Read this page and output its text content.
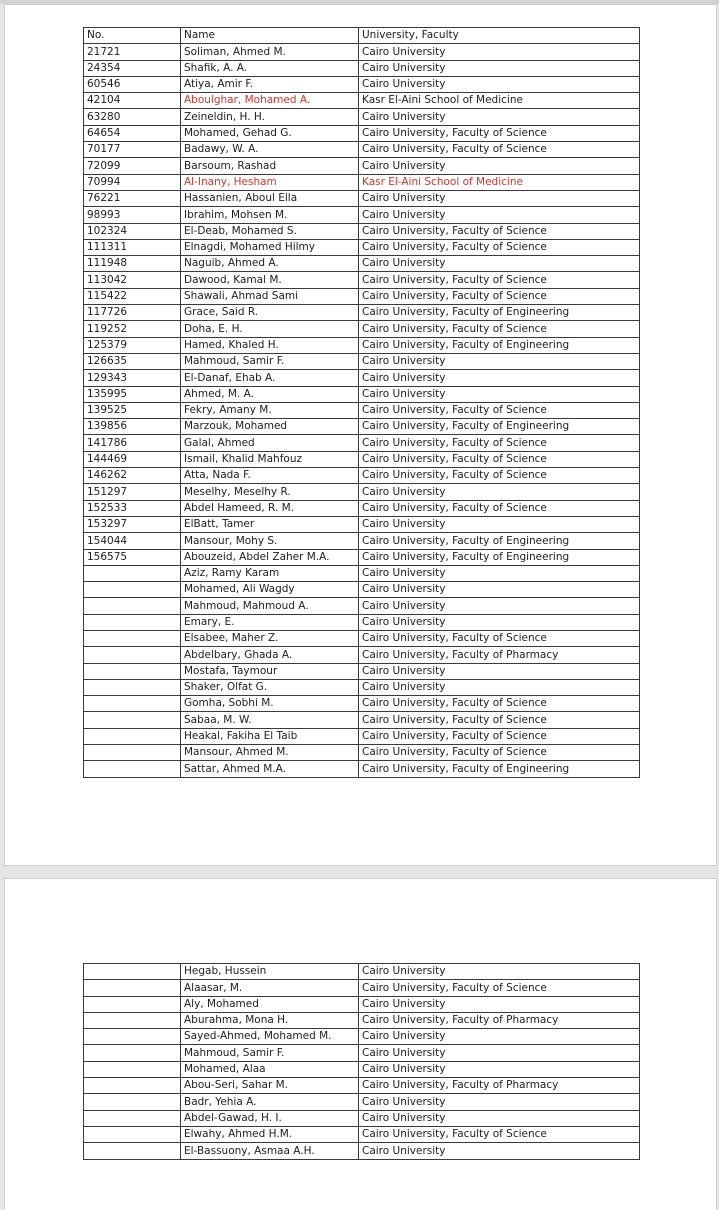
No.	Name	University, Faculty
21721	Soliman, Ahmed M.	Cairo University
24354	Shafik, A. A.	Cairo University
60546	Atiya, Amir F.	Cairo University
42104	Aboulghar, Mohamed A.	Kasr El-Aini School of Medicine
63280	Zeineldin, H. H.	Cairo University
64654	Mohamed, Gehad G.	Cairo University, Faculty of Science
70177	Badawy, W. A.	Cairo University, Faculty of Science
72099	Barsoum, Rashad	Cairo University
70994	Al-Inany, Hesham	Kasr El-Aini School of Medicine
76221	Hassanien, Aboul Ella	Cairo University
98993	Ibrahim, Mohsen M.	Cairo University
102324	El-Deab, Mohamed S.	Cairo University, Faculty of Science
111311	Elnagdi, Mohamed Hilmy	Cairo University, Faculty of Science
111948	Naguib, Ahmed A.	Cairo University
113042	Dawood, Kamal M.	Cairo University, Faculty of Science
115422	Shawali, Ahmad Sami	Cairo University, Faculty of Science
117726	Grace, Said R.	Cairo University, Faculty of Engineering
119252	Doha, E. H.	Cairo University, Faculty of Science
125379	Hamed, Khaled H.	Cairo University, Faculty of Engineering
126635	Mahmoud, Samir F.	Cairo University
129343	El-Danaf, Ehab A.	Cairo University
135995	Ahmed, M. A.	Cairo University
139525	Fekry, Amany M.	Cairo University, Faculty of Science
139856	Marzouk, Mohamed	Cairo University, Faculty of Engineering
141786	Galal, Ahmed	Cairo University, Faculty of Science
144469	Ismail, Khalid Mahfouz	Cairo University, Faculty of Science
146262	Atta, Nada F.	Cairo University, Faculty of Science
151297	Meselhy, Meselhy R.	Cairo University
152533	Abdel Hameed, R. M.	Cairo University, Faculty of Science
153297	ElBatt, Tamer	Cairo University
154044	Mansour, Mohy S.	Cairo University, Faculty of Engineering
156575	Abouzeid, Abdel Zaher M.A.	Cairo University, Faculty of Engineering
	Aziz, Ramy Karam	Cairo University
	Mohamed, Ali Wagdy	Cairo University
	Mahmoud, Mahmoud A.	Cairo University
	Emary, E.	Cairo University
	Elsabee, Maher Z.	Cairo University, Faculty of Science
	Abdelbary, Ghada A.	Cairo University, Faculty of Pharmacy
	Mostafa, Taymour	Cairo University
	Shaker, Olfat G.	Cairo University
	Gomha, Sobhi M.	Cairo University, Faculty of Science
	Sabaa, M. W.	Cairo University, Faculty of Science
	Heakal, Fakiha El Taib	Cairo University, Faculty of Science
	Mansour, Ahmed M.	Cairo University, Faculty of Science
	Sattar, Ahmed M.A.	Cairo University, Faculty of Engineering
	Hegab, Hussein	Cairo University
	Alaasar, M.	Cairo University, Faculty of Science
	Aly, Mohamed	Cairo University
	Aburahma, Mona H.	Cairo University, Faculty of Pharmacy
	Sayed-Ahmed, Mohamed M.	Cairo University
	Mahmoud, Samir F.	Cairo University
	Mohamed, Alaa	Cairo University
	Abou-Seri, Sahar M.	Cairo University, Faculty of Pharmacy
	Badr, Yehia A.	Cairo University
	Abdel-Gawad, H. I.	Cairo University
	Elwahy, Ahmed H.M.	Cairo University, Faculty of Science
	El-Bassuony, Asmaa A.H.	Cairo University
